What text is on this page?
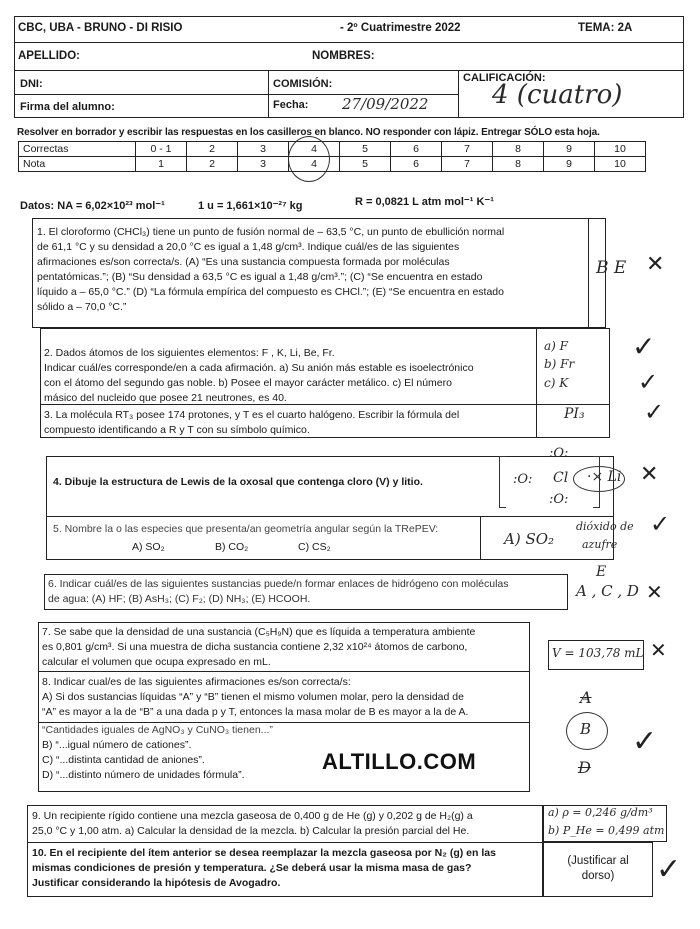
CBC, UBA - BRUNO - DI RISIO	- 2º Cuatrimestre 2022	TEMA: 2A
APELLIDO:	NOMBRES:
DNI:	COMISIÓN:	CALIFICACIÓN:
Firma del alumno:	Fecha: 27/09/2022 4 (cuatro)
Resolver en borrador y escribir las respuestas en los casilleros en blanco. NO responder con lápiz. Entregar SÓLO esta hoja.
Correctas	0 - 1	2	3	4	5	6	7	8	9	10
Nota	1	2	3	4	5	6	7	8	9	10
Datos: NA = 6,02×10²³ mol⁻¹	1 u = 1,661×10⁻²⁷ kg	R = 0,0821 L atm mol⁻¹ K⁻¹
1. El cloroformo (CHCl₃) tiene un punto de fusión normal de – 63,5 °C, un punto de ebullición normal
de 61,1 °C y su densidad a 20,0 °C es igual a 1,48 g/cm³. Indique cuál/es de las siguientes
afirmaciones es/son correcta/s. (A) “Es una sustancia compuesta formada por moléculas
pentatómicas.”; (B) “Su densidad a 63,5 °C es igual a 1,48 g/cm³.”; (C) “Se encuentra en estado
líquido a – 65,0 °C.” (D) “La fórmula empírica del compuesto es CHCl.”; (E) “Se encuentra en estado
sólido a – 70,0 °C.”
B E ✕
2. Dados átomos de los siguientes elementos: F , K, Li, Be, Fr.
Indicar cuál/es corresponde/en a cada afirmación. a) Su anión más estable es isoelectrónico
con el átomo del segundo gas noble. b) Posee el mayor carácter metálico. c) El número
másico del nucleido que posee 21 neutrones, es 40.
a) F
b) Fr
c) K
✓
✓
3. La molécula RT₃ posee 174 protones, y T es el cuarto halógeno. Escribir la fórmula del
compuesto identificando a R y T con su símbolo químico.
PI₃ ✓
4. Dibuje la estructura de Lewis de la oxosal que contenga cloro (V) y litio.
:O:
:O: Cl
:O:
·× Li ✕
5. Nombre la o las especies que presenta/an geometría angular según la TRePEV:
A) SO₂	B) CO₂	C) CS₂	A) SO₂
dióxido de
azufre
✓
6. Indicar cuál/es de las siguientes sustancias puede/n formar enlaces de hidrógeno con moléculas
de agua: (A) HF; (B) AsH₃; (C) F₂; (D) NH₃; (E) HCOOH.
E
A , C , D ✕
7. Se sabe que la densidad de una sustancia (C₅H₉N) que es líquida a temperatura ambiente
es 0,801 g/cm³. Si una muestra de dicha sustancia contiene 2,32 x10²⁴ átomos de carbono,
calcular el volumen que ocupa expresado en mL.
V = 103,78 mL ✕
8. Indicar cual/es de las siguientes afirmaciones es/son correcta/s:
A) Si dos sustancias líquidas “A” y “B” tienen el mismo volumen molar, pero la densidad de
“A” es mayor a la de “B” a una dada p y T, entonces la masa molar de B es mayor a la de A.
“Cantidades iguales de AgNO₃ y CuNO₃ tienen...”
B) “...igual número de cationes”.
C) “...distinta cantidad de aniones”.
D) “...distinto número de unidades fórmula”.
A
B
D
✓
ALTILLO.COM
9. Un recipiente rígido contiene una mezcla gaseosa de 0,400 g de He (g) y 0,202 g de H₂(g) a
25,0 °C y 1,00 atm. a) Calcular la densidad de la mezcla. b) Calcular la presión parcial del He.
a) ρ = 0,246 g/dm³
b) P_He = 0,499 atm
10. En el recipiente del ítem anterior se desea reemplazar la mezcla gaseosa por N₂ (g) en las
mismas condiciones de presión y temperatura. ¿Se deberá usar la misma masa de gas?
Justificar considerando la hipótesis de Avogadro.
(Justificar al
dorso)	✓
